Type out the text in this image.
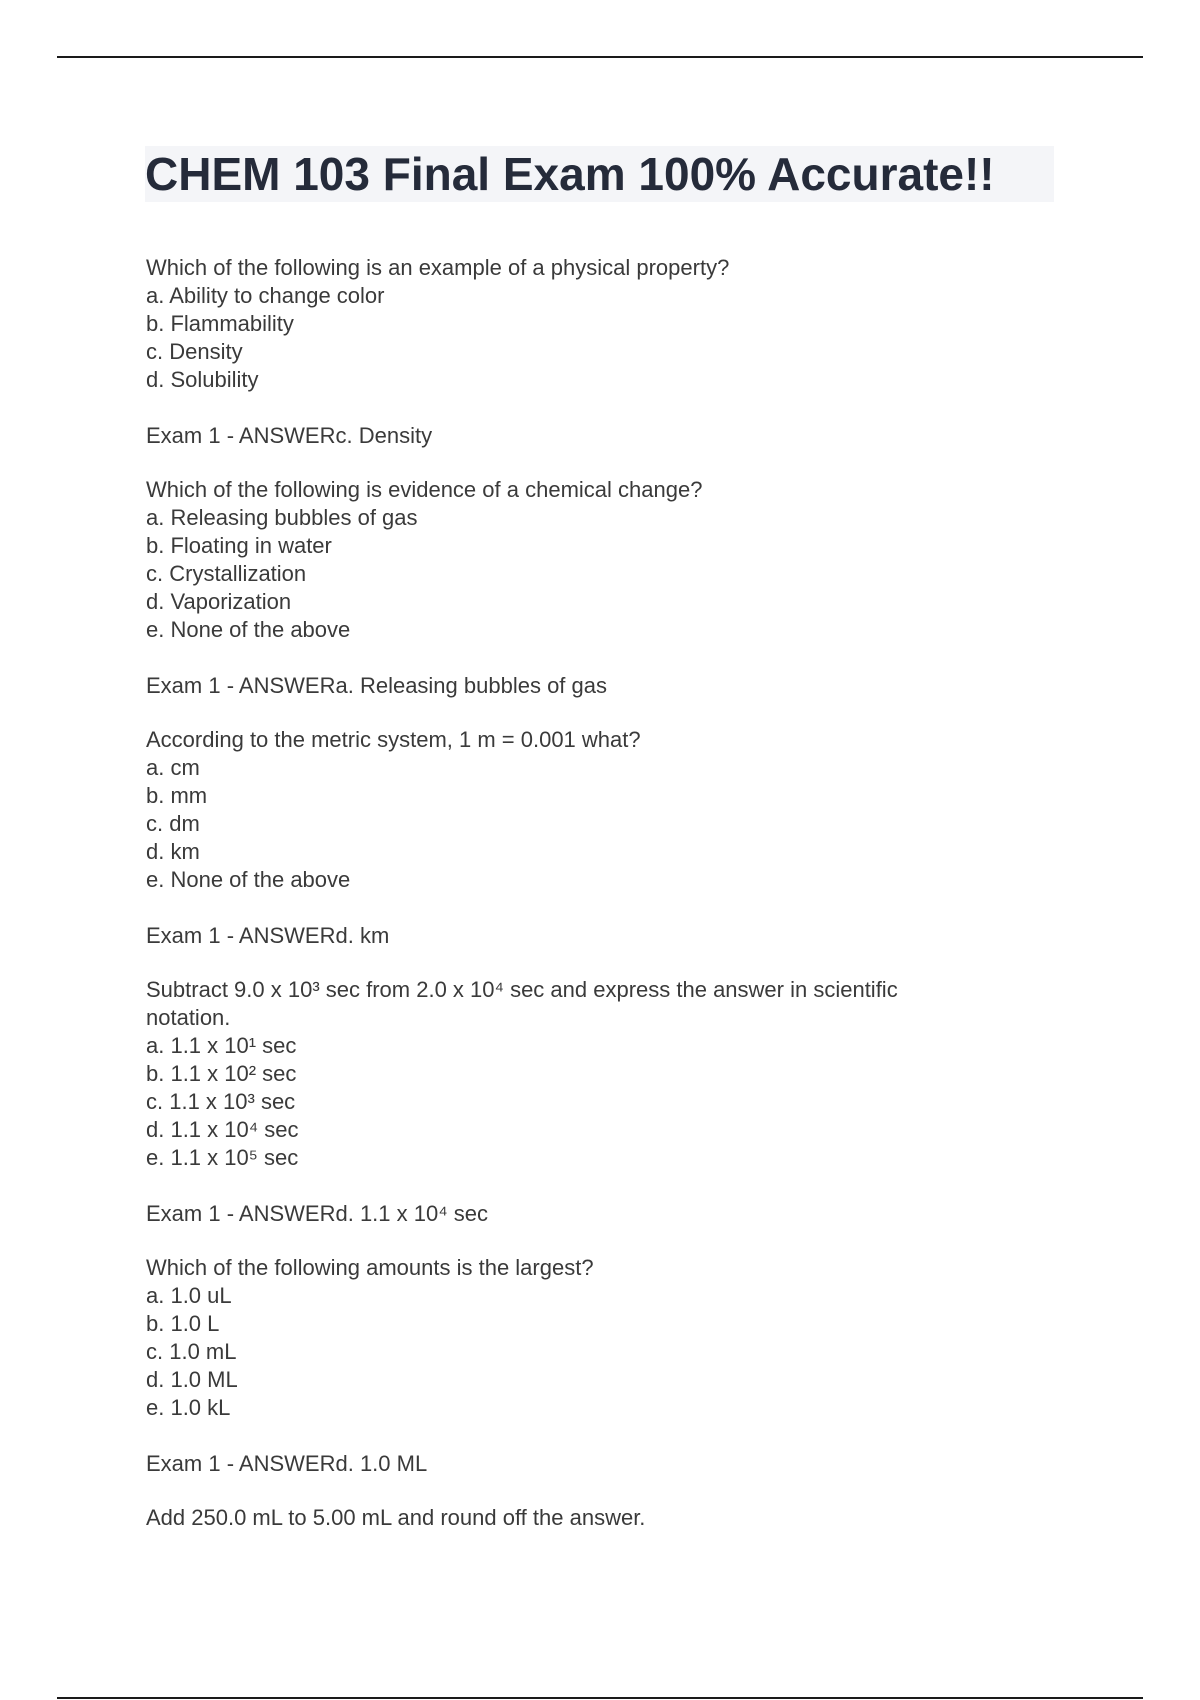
CHEM 103 Final Exam 100% Accurate!!

Which of the following is an example of a physical property?

a. Ability to change color

b. Flammability

c. Density

d. Solubility

Exam 1 - ANSWERc. Density

Which of the following is evidence of a chemical change?

a. Releasing bubbles of gas

b. Floating in water

c. Crystallization

d. Vaporization

e. None of the above

Exam 1 - ANSWERa. Releasing bubbles of gas

According to the metric system, 1 m = 0.001 what?

a. cm

b. mm

c. dm

d. km

e. None of the above

Exam 1 - ANSWERd. km

Subtract 9.0 x 10³ sec from 2.0 x 10⁴ sec and express the answer in scientific notation.

a. 1.1 x 10¹ sec

b. 1.1 x 10² sec

c. 1.1 x 10³ sec

d. 1.1 x 10⁴ sec

e. 1.1 x 10⁵ sec

Exam 1 - ANSWERd. 1.1 x 10⁴ sec

Which of the following amounts is the largest?

a. 1.0 uL

b. 1.0 L

c. 1.0 mL

d. 1.0 ML

e. 1.0 kL

Exam 1 - ANSWERd. 1.0 ML

Add 250.0 mL to 5.00 mL and round off the answer.
